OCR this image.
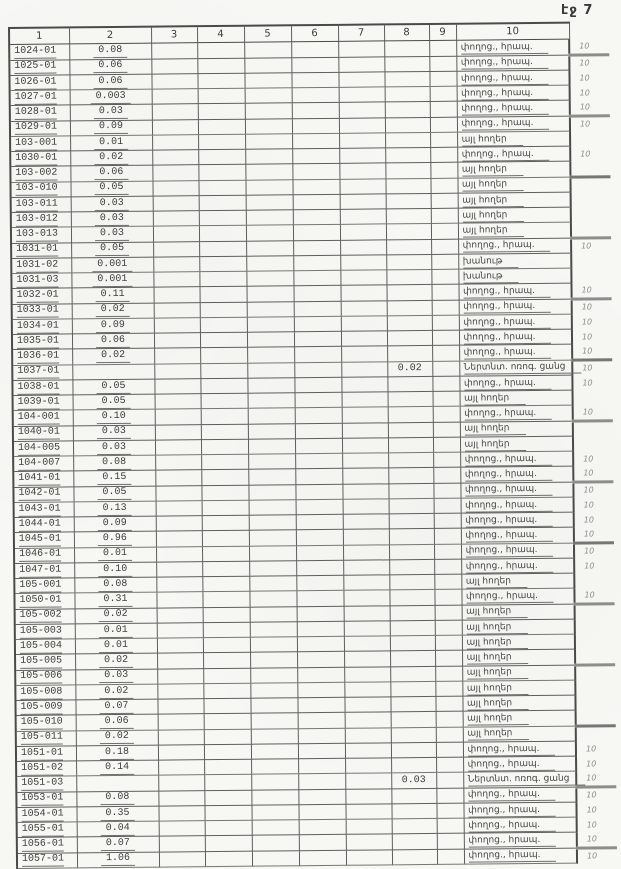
էջ 7
1	2	3	4	5	6	7	8	9	10	
1024-01	0.08								փողոց., հրապ.	10
1025-01	0.06								փողոց., հրապ.	10
1026-01	0.06								փողոց., հրապ.	10
1027-01	0.003								փողոց., հրապ.	10
1028-01	0.03								փողոց., հրապ.	10
1029-01	0.09								փողոց., հրապ.	10
103-001	0.01								այլ հողեր	
1030-01	0.02								փողոց., հրապ.	10
103-002	0.06								այլ հողեր	
103-010	0.05								այլ հողեր	
103-011	0.03								այլ հողեր	
103-012	0.03								այլ հողեր	
103-013	0.03								այլ հողեր	
1031-01	0.05								փողոց., հրապ.	10
1031-02	0.001								խանութ	
1031-03	0.001								խանութ	
1032-01	0.11								փողոց., հրապ.	10
1033-01	0.02								փողոց., հրապ.	10
1034-01	0.09								փողոց., հրապ.	10
1035-01	0.06								փողոց., հրապ.	10
1036-01	0.02								փողոց., հրապ.	10
1037-01							0.02		Ներտնտ. ոռոգ. ցանց	10
1038-01	0.05								փողոց., հրապ.	10
1039-01	0.05								այլ հողեր	
104-001	0.10								փողոց., հրապ.	10
1040-01	0.03								այլ հողեր	
104-005	0.03								այլ հողեր	
104-007	0.08								փողոց., հրապ.	10
1041-01	0.15								փողոց., հրապ.	10
1042-01	0.05								փողոց., հրապ.	10
1043-01	0.13								փողոց., հրապ.	10
1044-01	0.09								փողոց., հրապ.	10
1045-01	0.96								փողոց., հրապ.	10
1046-01	0.01								փողոց., հրապ.	10
1047-01	0.10								փողոց., հրապ.	10
105-001	0.08								այլ հողեր	
1050-01	0.31								փողոց., հրապ.	10
105-002	0.02								այլ հողեր	
105-003	0.01								այլ հողեր	
105-004	0.01								այլ հողեր	
105-005	0.02								այլ հողեր	
105-006	0.03								այլ հողեր	
105-008	0.02								այլ հողեր	
105-009	0.07								այլ հողեր	
105-010	0.06								այլ հողեր	
105-011	0.02								այլ հողեր	
1051-01	0.18								փողոց., հրապ.	10
1051-02	0.14								փողոց., հրապ.	10
1051-03							0.03		Ներտնտ. ոռոգ. ցանց	10
1053-01	0.08								փողոց., հրապ.	10
1054-01	0.35								փողոց., հրապ.	10
1055-01	0.04								փողոց., հրապ.	10
1056-01	0.07								փողոց., հրապ.	10
1057-01	1.06								փողոց., հրապ.	10
